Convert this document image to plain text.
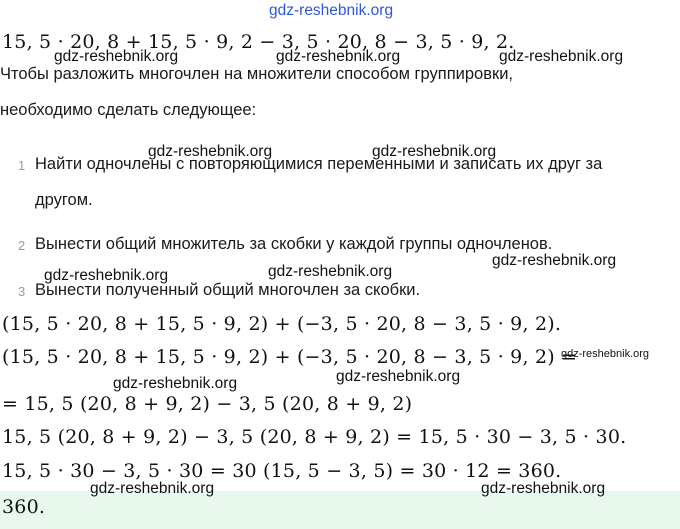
15, 5 · 20, 8 + 15, 5 · 9, 2 − 3, 5 · 20, 8 − 3, 5 · 9, 2.
Чтобы разложить многочлен на множители способом группировки,
необходимо сделать следующее:
1 Найти одночлены с повторяющимися переменными и записать их друг за
другом.
2 Вынести общий множитель за скобки у каждой группы одночленов.
3 Вынести полученный общий многочлен за скобки.
(15, 5 · 20, 8 + 15, 5 · 9, 2) + (−3, 5 · 20, 8 − 3, 5 · 9, 2).
(15, 5 · 20, 8 + 15, 5 · 9, 2) + (−3, 5 · 20, 8 − 3, 5 · 9, 2) =
= 15, 5 (20, 8 + 9, 2) − 3, 5 (20, 8 + 9, 2)
15, 5 (20, 8 + 9, 2) − 3, 5 (20, 8 + 9, 2) = 15, 5 · 30 − 3, 5 · 30.
15, 5 · 30 − 3, 5 · 30 = 30 (15, 5 − 3, 5) = 30 · 12 = 360.
360.
gdz-reshebnik.org
gdz-reshebnik.org	gdz-reshebnik.org	gdz-reshebnik.org
gdz-reshebnik.org	gdz-reshebnik.org
gdz-reshebnik.org
gdz-reshebnik.org	gdz-reshebnik.org
gdz-reshebnik.org
gdz-reshebnik.org	gdz-reshebnik.org
gdz-reshebnik.org	gdz-reshebnik.org
